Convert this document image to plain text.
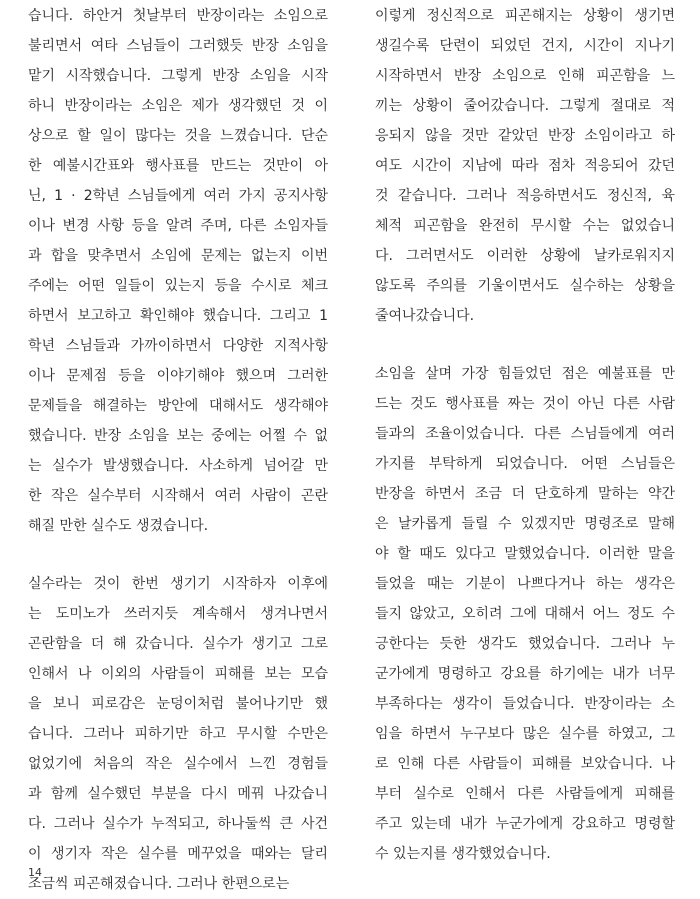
습니다. 하안거 첫날부터 반장이라는 소임으로
불리면서 여타 스님들이 그러했듯 반장 소임을
맡기 시작했습니다. 그렇게 반장 소임을 시작
하니 반장이라는 소임은 제가 생각했던 것 이
상으로 할 일이 많다는 것을 느꼈습니다. 단순
한 예불시간표와 행사표를 만드는 것만이 아
닌, 1 · 2학년 스님들에게 여러 가지 공지사항
이나 변경 사항 등을 알려 주며, 다른 소임자들
과 합을 맞추면서 소임에 문제는 없는지 이번
주에는 어떤 일들이 있는지 등을 수시로 체크
하면서 보고하고 확인해야 했습니다. 그리고 1
학년 스님들과 가까이하면서 다양한 지적사항
이나 문제점 등을 이야기해야 했으며 그러한
문제들을 해결하는 방안에 대해서도 생각해야
했습니다. 반장 소임을 보는 중에는 어쩔 수 없
는 실수가 발생했습니다. 사소하게 넘어갈 만
한 작은 실수부터 시작해서 여러 사람이 곤란
해질 만한 실수도 생겼습니다.
실수라는 것이 한번 생기기 시작하자 이후에
는 도미노가 쓰러지듯 계속해서 생겨나면서
곤란함을 더 해 갔습니다. 실수가 생기고 그로
인해서 나 이외의 사람들이 피해를 보는 모습
을 보니 피로감은 눈덩이처럼 불어나기만 했
습니다. 그러나 피하기만 하고 무시할 수만은
없었기에 처음의 작은 실수에서 느낀 경험들
과 함께 실수했던 부분을 다시 메꿔 나갔습니
다. 그러나 실수가 누적되고, 하나둘씩 큰 사건
이 생기자 작은 실수를 메꾸었을 때와는 달리
조금씩 피곤해졌습니다. 그러나 한편으로는
이렇게 정신적으로 피곤해지는 상황이 생기면
생길수록 단련이 되었던 건지, 시간이 지나기
시작하면서 반장 소임으로 인해 피곤함을 느
끼는 상황이 줄어갔습니다. 그렇게 절대로 적
응되지 않을 것만 같았던 반장 소임이라고 하
여도 시간이 지남에 따라 점차 적응되어 갔던
것 같습니다. 그러나 적응하면서도 정신적, 육
체적 피곤함을 완전히 무시할 수는 없었습니
다. 그러면서도 이러한 상황에 날카로워지지
않도록 주의를 기울이면서도 실수하는 상황을
줄여나갔습니다.
소임을 살며 가장 힘들었던 점은 예불표를 만
드는 것도 행사표를 짜는 것이 아닌 다른 사람
들과의 조율이었습니다. 다른 스님들에게 여러
가지를 부탁하게 되었습니다. 어떤 스님들은
반장을 하면서 조금 더 단호하게 말하는 약간
은 날카롭게 들릴 수 있겠지만 명령조로 말해
야 할 때도 있다고 말했었습니다. 이러한 말을
들었을 때는 기분이 나쁘다거나 하는 생각은
들지 않았고, 오히려 그에 대해서 어느 정도 수
긍한다는 듯한 생각도 했었습니다. 그러나 누
군가에게 명령하고 강요를 하기에는 내가 너무
부족하다는 생각이 들었습니다. 반장이라는 소
임을 하면서 누구보다 많은 실수를 하였고, 그
로 인해 다른 사람들이 피해를 보았습니다. 나
부터 실수로 인해서 다른 사람들에게 피해를
주고 있는데 내가 누군가에게 강요하고 명령할
수 있는지를 생각했었습니다.
14
